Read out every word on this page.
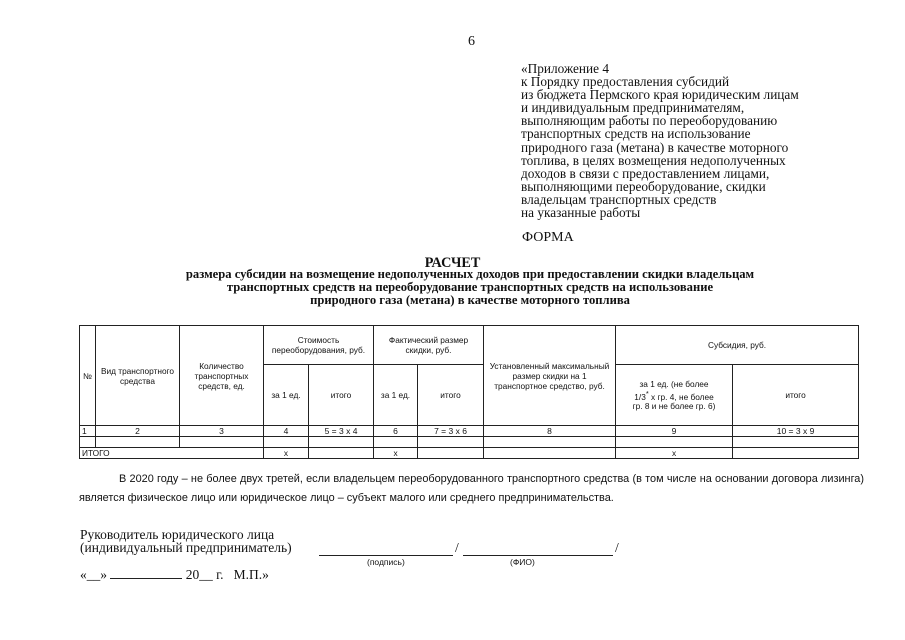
6
«Приложение 4
к Порядку предоставления субсидий
из бюджета Пермского края юридическим лицам
и индивидуальным предпринимателям,
выполняющим работы по переоборудованию
транспортных средств на использование
природного газа (метана) в качестве моторного
топлива, в целях возмещения недополученных
доходов в связи с предоставлением лицами,
выполняющими переоборудование, скидки
владельцам транспортных средств
на указанные работы
ФОРМА
РАСЧЕТ
размера субсидии на возмещение недополученных доходов при предоставлении скидки владельцам
транспортных средств на переоборудование транспортных средств на использование
природного газа (метана) в качестве моторного топлива
№	Вид транспортного средства	Количество транспортных средств, ед.	Стоимость переоборудования, руб.		Фактический размер скидки, руб.		Установленный максимальный размер скидки на 1 транспортное средство, руб.	Субсидия, руб.	
			за 1 ед.	итого	за 1 ед.	итого		за 1 ед. (не более
1/3* х гр. 4, не более
гр. 8 и не более гр. 6)	итого
1	2	3	4	5 = 3 х 4	6	7 = 3 х 6	8	9	10 = 3 х 9

ИТОГО			х		х			х	
В 2020 году – не более двух третей, если владельцем переоборудованного транспортного средства (в том числе на основании договора лизинга) является физическое лицо или юридическое лицо – субъект малого или среднего предпринимательства.
Руководитель юридического лица
(индивидуальный предприниматель)	/	/
(подпись)	(ФИО)
«__»	20__ г. М.П.»
